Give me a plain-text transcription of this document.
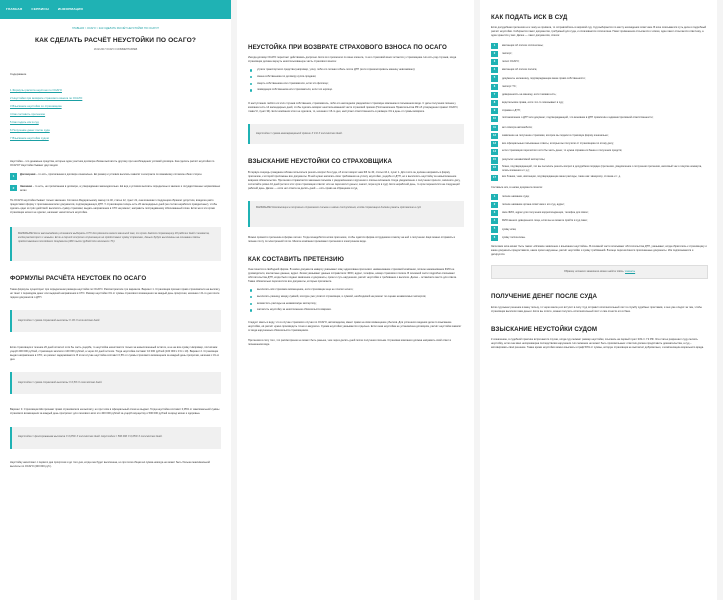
ГЛАВНАЯ	СЕРВИСЫ	ИНФОРМАЦИЯ
ГЛАВНАЯ > ОСАГО > КАК СДЕЛАТЬ РАСЧЁТ НЕУСТОЙКИ ПО ОСАГО?
КАК СДЕЛАТЬ РАСЧЁТ НЕУСТОЙКИ ПО ОСАГО?
18.02.2017 ОСАГО 0 КОММЕНТАРИЕВ
Содержание
1 Формулы расчёта неустоек по ОСАГО
2 Неустойки при возврате страхового взноса по ОСАГО
3 Взыскание неустойки со страховщика
4 Как составить претензию
5 Как подать иск в суд
6 Получение денег после суда
7 Взыскание неустойки судом

Неустойка – это денежные средства, которые один участник договора обязан выплатить другому при несоблюдении условий договора. Как сделать расчёт неустойки по ОСАГО? Неустойки бывают двух видов:

1	Договорная – то есть, прописанная в договоре изначально. Её размер и условия выплаты зависят в контракте по взаимному согласию обеих сторон.
2	Законная – то есть, не прописанная в договоре, а утверждённая законодательно. Её вид и условия выплаты определены в законах и государственных нормативных актах.

По ОСАГО неустойка бывает только законная. Согласно Федеральному закону № 40, статья 12, пункт 21, она возникает следующим образом: допустим, владелец авто предоставил форму с приложением всех документов, подтверждающих ДТП. У страховщика теперь есть 20 календарных дней (не считая нерабочих праздничных), чтобы сделать одно из трёх действий: выплатить сумму страховки; выдать направление в СТО на ремонт; направить пострадавшему обоснованный отказ. Если же в эти сроки страховщик ничего не сделал, начинает начисляться неустойка.

ВНИМАНИЕ! Если автовладелец отказался выбирать СТО для ремонта своего машиной сам, то сроки дается страховщику 20 рабочих дней с момента, когда рассмотрит с новыми. Если в период отсрочки страховщик не предоставил сумму страховки, деньги будут выплачены на основании даты предоставления последнего документа (400 тысяч рублей для легкового ТС).
ФОРМУЛЫ РАСЧЁТА НЕУСТОЕК ПО ОСАГО

Такие формулы существуют при определении размера неустойки по ОСАГО. Рассмотрим все три варианта. Вариант 1. Страховщик признал право страхователя на выплату, но тянет с переводом денег или выдачей направления в СТО. Размер неустойки 1% от суммы страхового возмещения за каждый день просрочки, начиная с 21-го дня после подачи документов о ДТП.

Неустойка = сумма страховой выплаты X 1% X количество дней.

Если страховщик в течение 20 дней оплатил хотя бы часть ущерба, то неустойка начисляется только за невыплаченный остаток, а не на всю сумму. Например, посчитаем: ущерб 200 000 рублей, страховщик заплатил 100 000 рублей, а через 10 дней остаток. Тогда неустойка составит 10 000 рублей (100 000 х 1% х 10). Вариант 2. Страховщик выдал направление в СТО, но ремонт задерживается. В этом случае неустойка составит 0,5% от суммы страхового возмещения за каждый день просрочки, начиная с 31-го дня.

Неустойка = сумма страховой выплаты X 0,5% X количество дней.

Вариант 3. Страховщик НЕ признает право страхователя на выплату, но при этом в официальный отказ не выдает. Тогда неустойка составит 0,05% от максимальной суммы страхового возмещения за каждый день просрочки: для легкового авто это 400 000 рублей за ущерб имуществу и 500 000 рублей за вред жизни и здоровью.

Неустойка = фиксированная выплата X 0,05% X количество дней. Неустойка = 500 000 X 0,05% X количество дней.

Неустойку начисляют с первого дня просрочки и до того дня, когда она будет выплачена, но при этом общая её сумма никогда не может быть больше максимальной выплаты по ОСАГО (400 000 руб.).

НЕУСТОЙКА ПРИ ВОЗВРАТЕ СТРАХОВОГО ВЗНОСА ПО ОСАГО

Иногда договор ОСАГО перестает действовать досрочно. Если это произошло по вине клиента, то его страховой взнос остается у страховщика. Но есть ряд случаев, когда страховщик должен вернуть неиспользованную часть страхового взноса:

утрата транспортного средства (например, угон), либо его полная гибель после ДТП (если отремонтировать машину невозможно);
смена собственника по договору купли-продажи;
смерть собственника или страхователя, если это физлицо;
ликвидация собственника или страхователя, если это юрлицо.

О наступлении любого из этих случаев собственник, страхователь, либо его наследники уведомляют страховую компанию в письменном виде. С даты получения письма у компании есть 14 календарных дней, чтобы сделать возврат неиспользованной части страховой премии (Постановление Правительства РФ об утверждении правил ОСАГО, глава VI, пункт 34). Если компания этого не сделала, то, начиная с 15-го дня, наступает ответственность в размере 1% в день от суммы возврата.

Неустойка = сумма невозвращенной премии X 1% X количество дней.
ВЗЫСКАНИЕ НЕУСТОЙКИ СО СТРАХОВЩИКА

В первую очередь гражданин обязан попытаться решить вопрос без суда, об этом говорит нам ФЗ № 40, статья 16.1, пункт 1. Для этого он должен направить в фирму претензию, к которой приложены все документы. В ней нужно написать свои требования на уплату неустойки, ущерба от ДТП, но и выплатить неустойку за невыполненное вовремя обязательство. Претензия отправляется заказным письмом с уведомлением о вручении и описью вложения. Когда уведомление о получении пришло, запишите дату, сосчитайте ровно 10 дней (если в этот срок страховщик ответит или не перечислит деньги, значит, пора идти в суд). Если нерабочий день, то срок переносится на следующий рабочий день. Далее — если нет ответа за десять дней — есть право на обращение в суд.

ВНИМАНИЕ! Компенсация в получении страхового письма и имени поступления, когда страховщик должен узнать претензию в суд.

Можно провести претензию в форме летних. Тогда понадобится копия претензии, чтобы сдаётся фирма сотрудником отметку на ней о получении. Ещё можно отправить в письме почту по электронной почте. Многие компании принимают претензии в электронном виде.

КАК СОСТАВИТЬ ПРЕТЕНЗИЮ

Она пишется в свободной форме. В шапке документа наверху указывают кому адресована претензия: наименование страховой компании, полное наименование ФИО ее руководителя, контактные данные, адрес. Затем указывают данные отправителя: ФИО, адрес, телефон, номер страхового полиса. В основной части подробно описывают обстоятельства ДТП, когда было подано заявление и документы, сроки и суть нарушения, расчёт неустойки и требование о выплате. Далее – оставляете место для ответа. Также обязательно перечислите все документы, которые прилагаете.

выплатить всё страховое возмещение, если страховщик еще не платил ничего;
выплатить разницу между суммой, которую уже уплатил страховщик, и суммой, необходимой на ремонт по оценке независимых экспертов;
возместить расходы на независимую экспертизу;
заплатить неустойку за неисполнение обязательств вовремя.

Следует иметь в виду, что в случае страхового случая по ОСАГО, автовладелец имеет право на своё возмещение убытков. Для успешного ведения дела по взысканию неустойки, её расчёт нужно производить точно и аккуратно. Сумма неустойки указывается отдельно. Если иная неустойка не установлена договором, расчёт неустойки зависит от вида нарушенных обязательств страховщиком.

Претензия в силу того, что рассмотрение не может быть раньше, чем через десять дней после получения письма. Страховая компания должна направить свой ответ в письменном виде.

КАК ПОДАТЬ ИСК В СУД

Если досудебная претензия ни к чему не привела, то отправляйтесь в мировой суд. Суд выбирается по месту нахождения ответчика. В иске описывается суть дела и подробный расчёт неустойки. Собирается пакет документов, требуемый для суда, и оплачивается госпошлина. Пакет применения отсылается с иском, один пакет отсылается ответчику, а один хранится у вас. Далее — пакет документов, список:

1	квитанция об оплате госпошлины;
2	паспорт;
3	полис ОСАГО;
4	квитанция об оплате полиса;
5	документы на машину, подтверждающие ваше право собственности;
6	паспорт ТС;
7	доверенность на машину, если таковая есть;
8	водительские права, если что-то показывает в суд;
9	справка о ДТП;
10	постановление о ДТП или документ, подтверждающий, что виновник в ДТП привлечён к административной ответственности;
11	акт осмотра автомобиля;
12	заявление на получение страховки, которое вы подали в страховую фирму изначально;
13	все официальные письменные ответы, которые вы получили от страховщика по этому делу;
14	если страховщик перечислил хотя бы часть денег, то нужна справка из банка о получении средств;
15	результат независимой экспертизы;
16	бланк, подтверждающий, что вы пытались решить вопрос в досудебном порядке (претензия, уведомление о получении претензии, кассовый чек о покупке конверта, опись вложения и т.д.);
17	все бланки, чеки, квитанции, подтверждающие ваши расходы, такие как: эвакуатор, стоянка и т. д.

Составьте иск, в шапке документа пишите:

1	полное название суда;
2	полное название органа ответчика и его суд, адрес;
3	свое ФИО, адрес для получения корреспонденции, телефон для связи;
4	ФИО вашего доверенного лица, если вы не можете прийти в суд сами;
5	сумму иска;
6	сумму госпошлины.

Заголовок иска может быть таким: «Исковое заявление о взыскании неустойки». В основной части описывают обстоятельства ДТП, указывают, когда обратились к страховщику и какие документы предоставили, какие сроки нарушены, расчёт неустойки и сумму требований. В конце перечисляются приложенные документы. Иск подписывается и датируется.

Образец искового заявления можно найти здесь: скачать
ПОЛУЧЕНИЕ ДЕНЕГ ПОСЛЕ СУДА

Если суд вынес решение в вашу пользу, то через месяц его вступит в силу. Суд отправит исполнительный лист в службу судебных приставов, и они уже следят за тем, чтобы страховщик выплатил вам деньги. Если вы хотите, можно получить исполнительный лист и сам отнести его в банк.

ВЗЫСКАНИЕ НЕУСТОЙКИ СУДОМ

К сожалению, в судебной практике встречаются случаи, когда суд снижает размер неустойки, ссылаясь на первый пункт 333 ст. ГК РФ. Эта статья разрешает суду снизить неустойку, если она явно несоразмерна последствиям нарушения. Но снижение не может быть произвольным: ответчик должен представить доказательства, а суд – мотивировать своё решение. Также кроме неустойки можно взыскать штраф 50% от суммы, которую страховщик не выплатил добровольно, и компенсацию морального вреда.
